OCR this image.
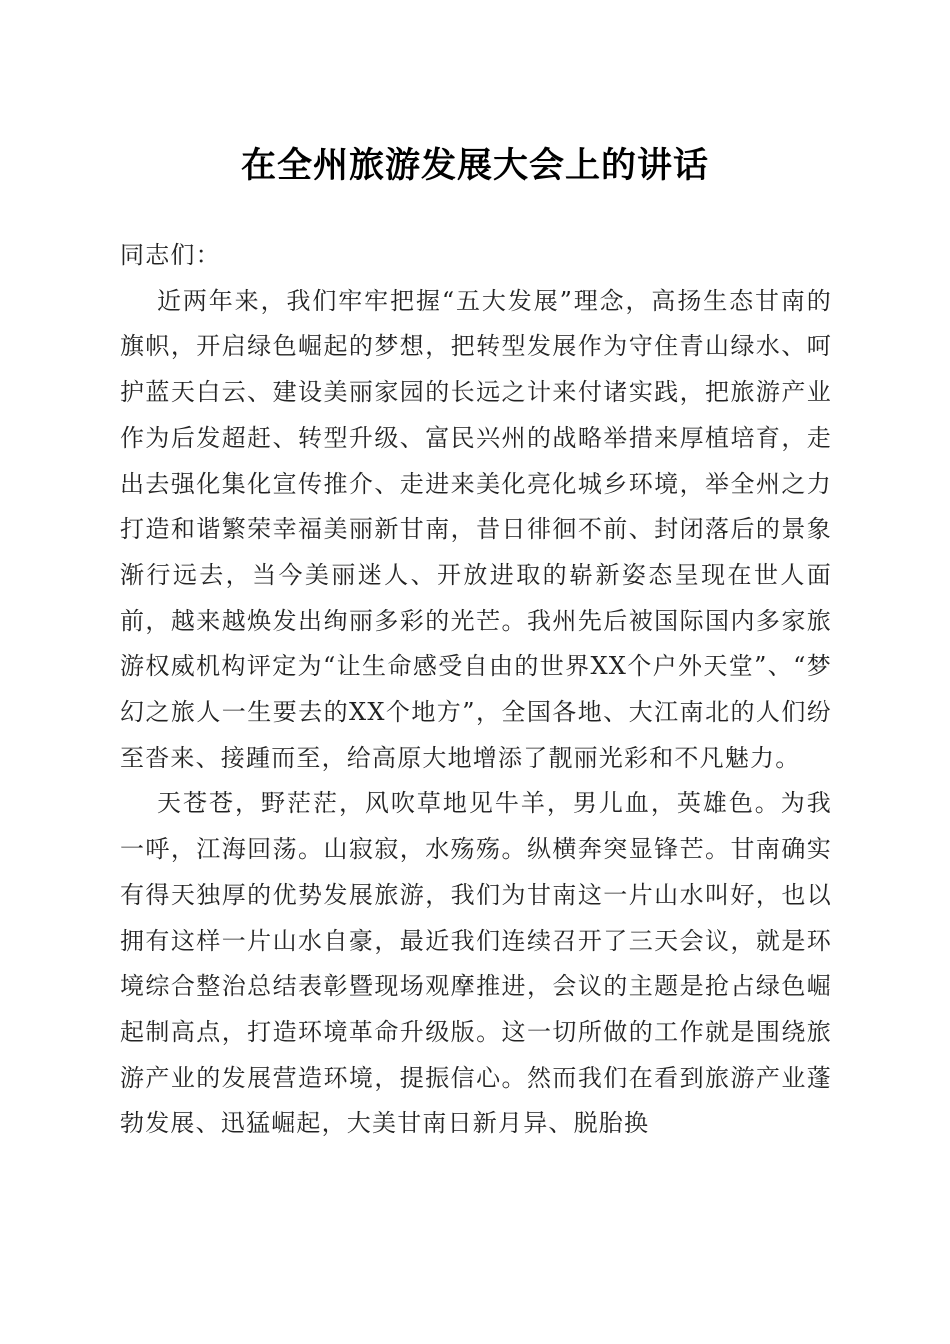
在全州旅游发展大会上的讲话

同志们：

近两年来，我们牢牢把握“五大发展”理念，高扬生态甘南的旗帜，开启绿色崛起的梦想，把转型发展作为守住青山绿水、呵护蓝天白云、建设美丽家园的长远之计来付诸实践，把旅游产业作为后发超赶、转型升级、富民兴州的战略举措来厚植培育，走出去强化集化宣传推介、走进来美化亮化城乡环境，举全州之力打造和谐繁荣幸福美丽新甘南，昔日徘徊不前、封闭落后的景象渐行远去，当今美丽迷人、开放进取的崭新姿态呈现在世人面前，越来越焕发出绚丽多彩的光芒。我州先后被国际国内多家旅游权威机构评定为“让生命感受自由的世界XX个户外天堂”、“梦幻之旅人一生要去的XX个地方”，全国各地、大江南北的人们纷至沓来、接踵而至，给高原大地增添了靓丽光彩和不凡魅力。

天苍苍，野茫茫，风吹草地见牛羊，男儿血，英雄色。为我一呼，江海回荡。山寂寂，水殇殇。纵横奔突显锋芒。甘南确实有得天独厚的优势发展旅游，我们为甘南这一片山水叫好，也以拥有这样一片山水自豪，最近我们连续召开了三天会议，就是环境综合整治总结表彰暨现场观摩推进，会议的主题是抢占绿色崛起制高点，打造环境革命升级版。这一切所做的工作就是围绕旅游产业的发展营造环境，提振信心。然而我们在看到旅游产业蓬勃发展、迅猛崛起，大美甘南日新月异、脱胎换
